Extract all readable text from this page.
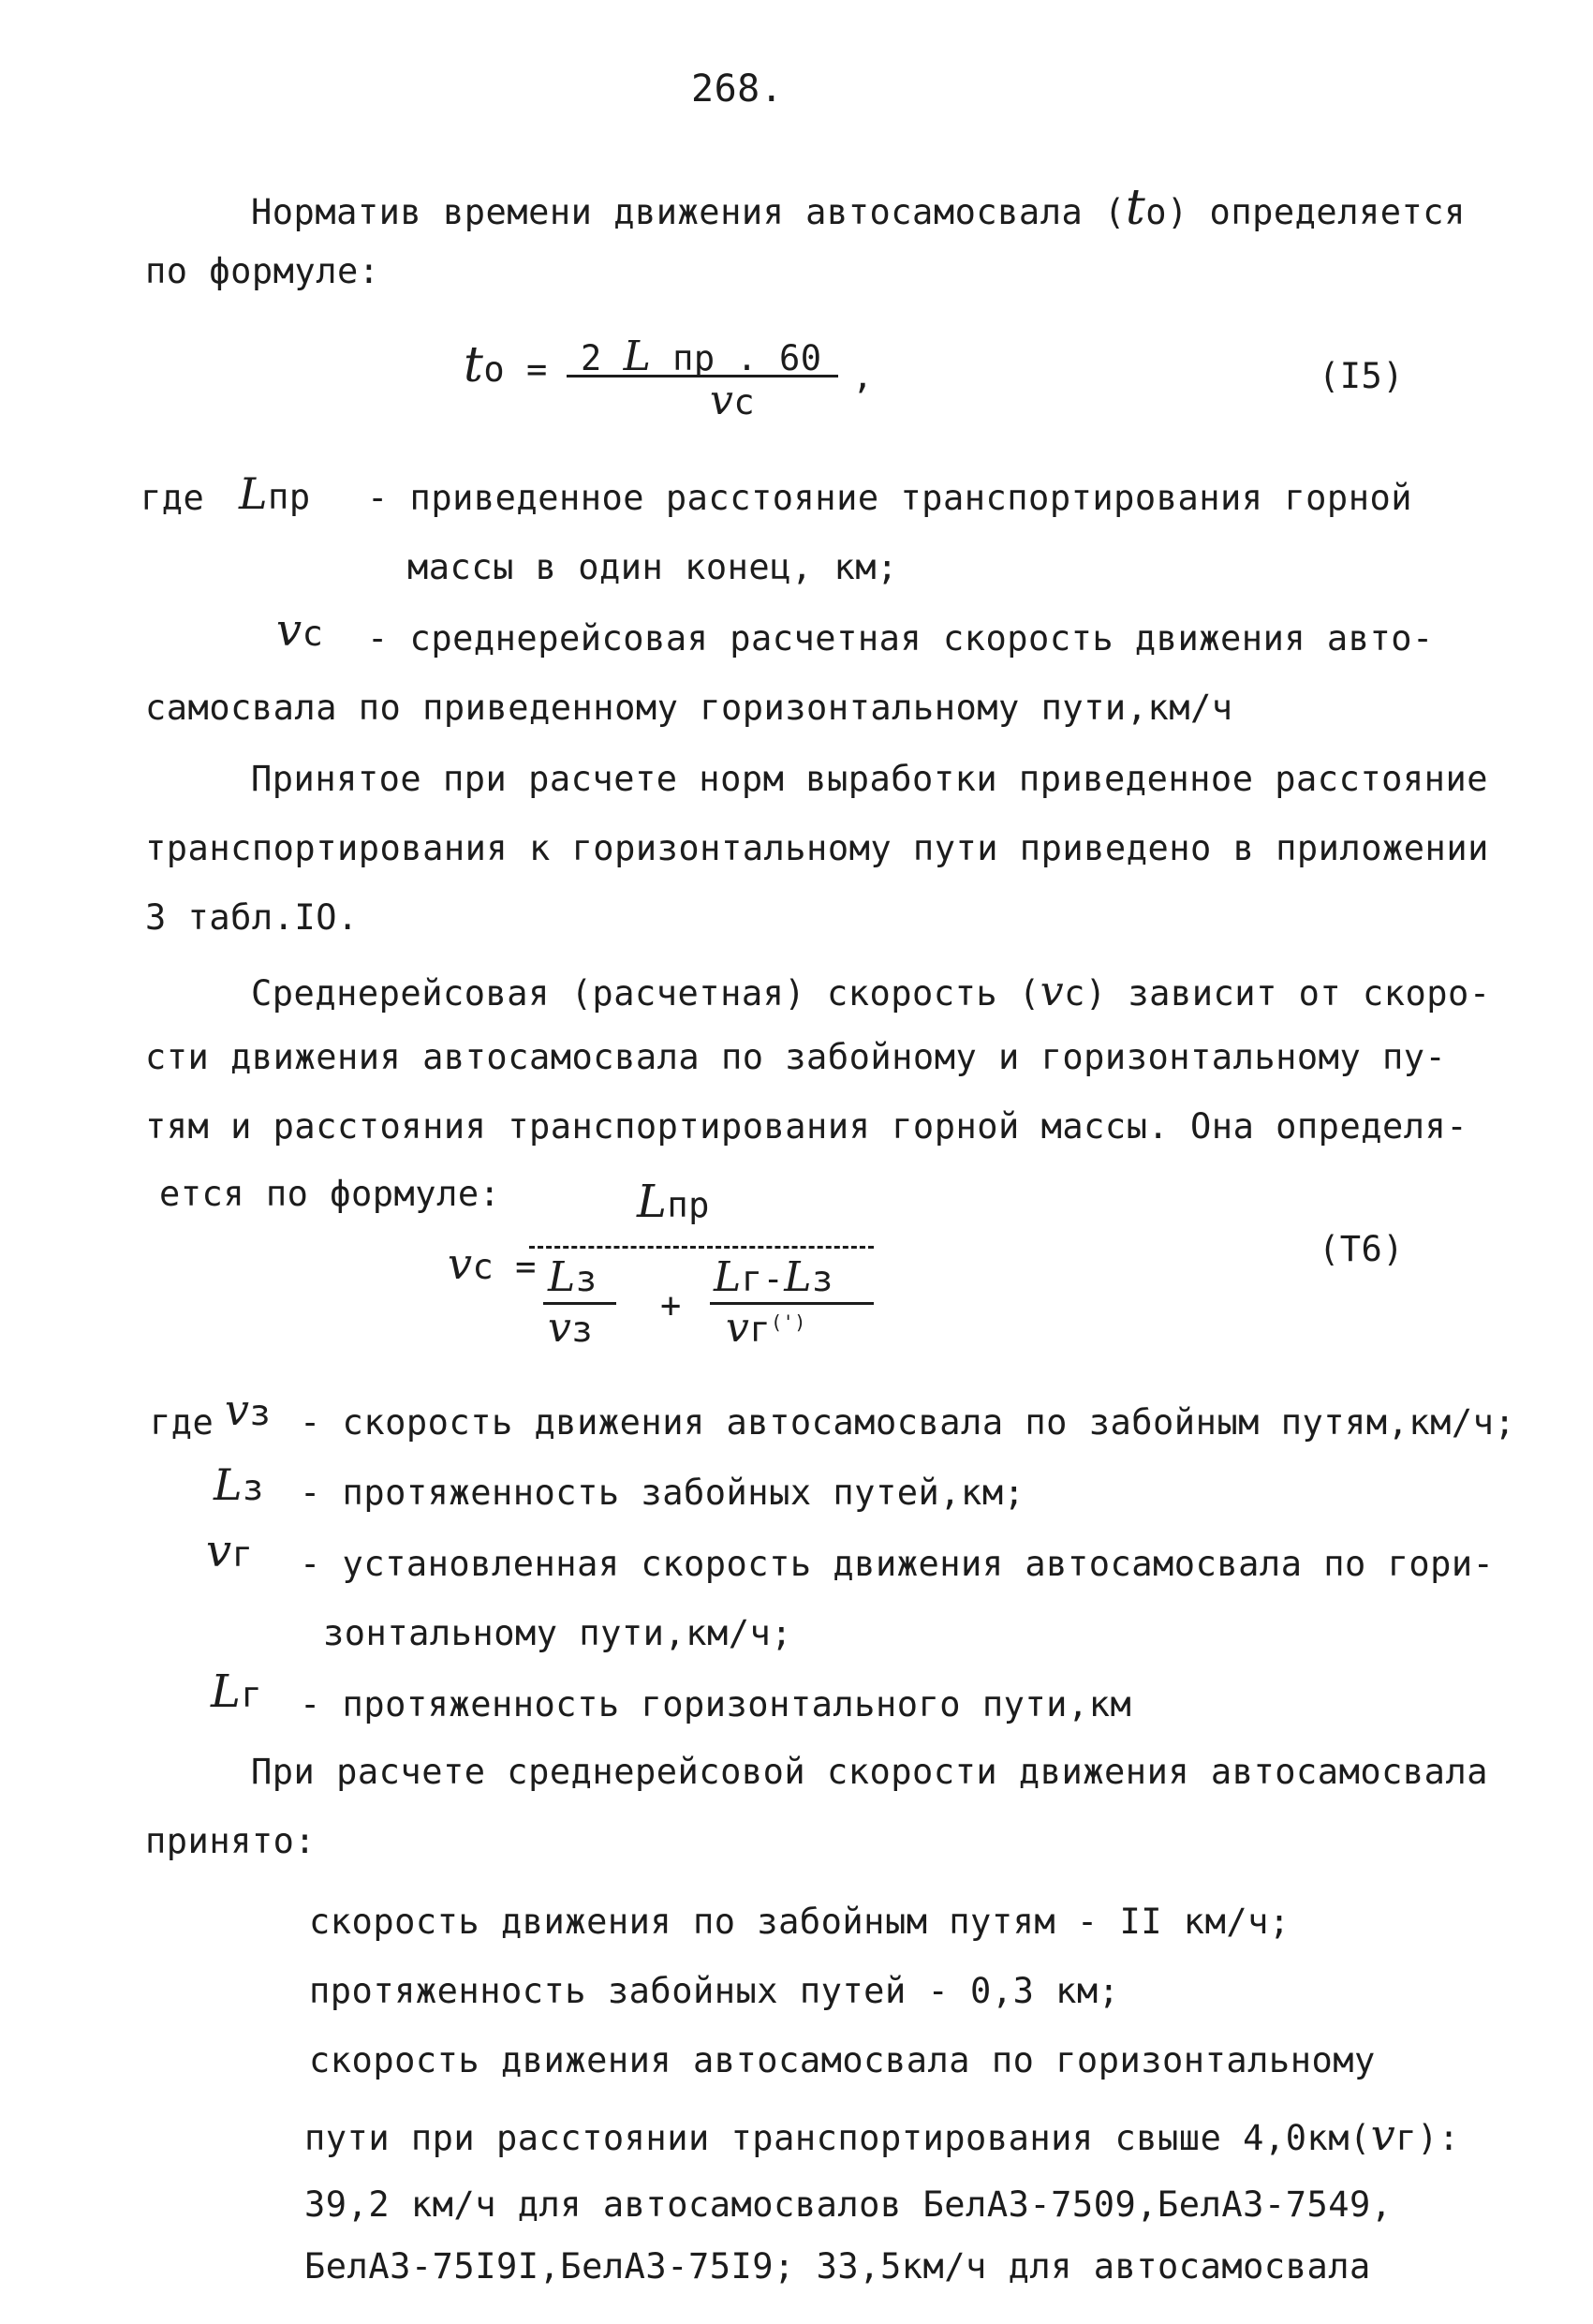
268.
Норматив времени движения автосамосвала (to) определяется
по формуле:
to = 2 L пр . 60
vc
,	(I5)
где Lпр - приведенное расстояние транспортирования горной
массы в один конец, км;
vc - среднерейсовая расчетная скорость движения авто-
самосвала по приведенному горизонтальному пути,км/ч
Принятое при расчете норм выработки приведенное расстояние
транспортирования к горизонтальному пути приведено в приложении
3 табл.IO.
Среднерейсовая (расчетная) скорость (vc) зависит от скоро-
сти движения автосамосвала по забойному и горизонтальному пу-
тям и расстояния транспортирования горной массы. Она определя-
ется по формуле:
vc =
Lпр
Lз
vз
+
Lг-Lз
vг(')
(T6)
где vз - скорость движения автосамосвала по забойным путям,км/ч;
Lз - протяженность забойных путей,км;
vг - установленная скорость движения автосамосвала по гори-
зонтальному пути,км/ч;
Lг - протяженность горизонтального пути,км
При расчете среднерейсовой скорости движения автосамосвала
принято:
скорость движения по забойным путям - II км/ч;
протяженность забойных путей - 0,3 км;
скорость движения автосамосвала по горизонтальному
пути при расстоянии транспортирования свыше 4,0км(vг):
39,2 км/ч для автосамосвалов БелАЗ-7509,БелАЗ-7549,
БелАЗ-75I9I,БелАЗ-75I9; 33,5км/ч для автосамосвала
